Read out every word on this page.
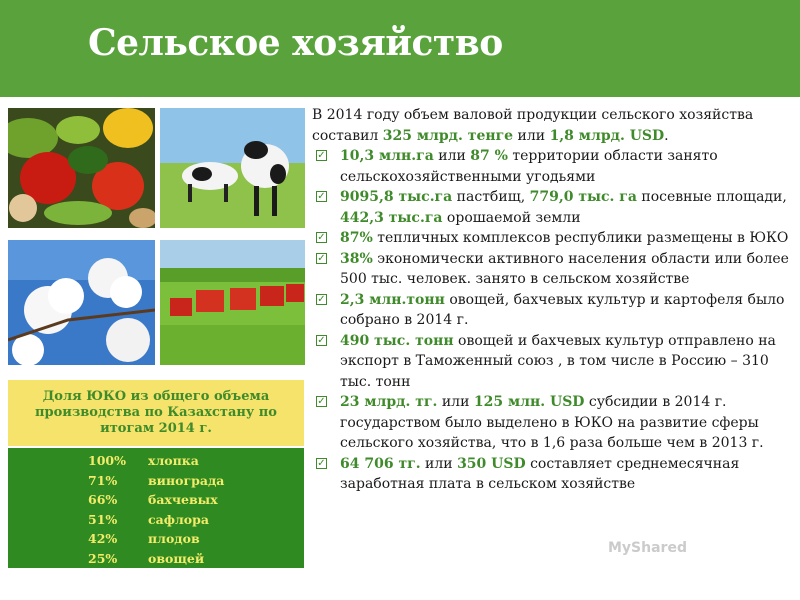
Сельское хозяйство
Доля ЮКО из общего объема
производства по Казахстану по
итогам 2014 г.
100%	хлопка
71%	винограда
66%	бахчевых
51%	сафлора
42%	плодов
25%	овощей
В 2014 году объем валовой продукции сельского хозяйства составил 325 млрд. тенге или 1,8 млрд. USD.
✓ 10,3 млн.га или 87 % территории области занято сельскохозяйственными угодьями
✓ 9095,8 тыс.га пастбищ, 779,0 тыс. га посевные площади, 442,3 тыс.га орошаемой земли
✓ 87% тепличных комплексов республики размещены в ЮКО
✓ 38% экономически активного населения области или более 500 тыс. человек. занято в сельском хозяйстве
✓ 2,3 млн.тонн овощей, бахчевых культур и картофеля было собрано в 2014 г.
✓ 490 тыс. тонн овощей и бахчевых культур отправлено на экспорт в Таможенный союз , в том числе в Россию – 310 тыс. тонн
✓ 23 млрд. тг. или 125 млн. USD субсидии в 2014 г. государством было выделено в ЮКО на развитие сферы сельского хозяйства, что в 1,6 раза больше чем в 2013 г.
✓ 64 706 тг. или 350 USD составляет среднемесячная заработная плата в сельском хозяйстве
МyShared
